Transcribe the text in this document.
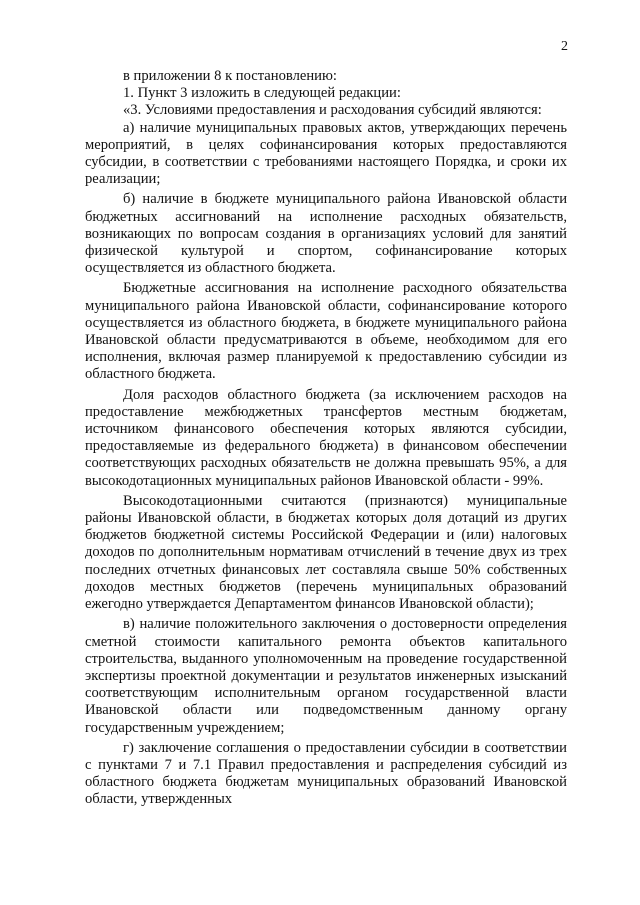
2

в приложении 8 к постановлению:

1. Пункт 3 изложить в следующей редакции:

«3. Условиями предоставления и расходования субсидий являются:

а) наличие муниципальных правовых актов, утверждающих перечень мероприятий, в целях софинансирования которых предоставляются субсидии, в соответствии с требованиями настоящего Порядка, и сроки их реализации;

б) наличие в бюджете муниципального района Ивановской области бюджетных ассигнований на исполнение расходных обязательств, возникающих по вопросам создания в организациях условий для занятий физической культурой и спортом, софинансирование которых осуществляется из областного бюджета.

Бюджетные ассигнования на исполнение расходного обязательства муниципального района Ивановской области, софинансирование которого осуществляется из областного бюджета, в бюджете муниципального района Ивановской области предусматриваются в объеме, необходимом для его исполнения, включая размер планируемой к предоставлению субсидии из областного бюджета.

Доля расходов областного бюджета (за исключением расходов на предоставление межбюджетных трансфертов местным бюджетам, источником финансового обеспечения которых являются субсидии, предоставляемые из федерального бюджета) в финансовом обеспечении соответствующих расходных обязательств не должна превышать 95%, а для высокодотационных муниципальных районов Ивановской области - 99%.

Высокодотационными считаются (признаются) муниципальные районы Ивановской области, в бюджетах которых доля дотаций из других бюджетов бюджетной системы Российской Федерации и (или) налоговых доходов по дополнительным нормативам отчислений в течение двух из трех последних отчетных финансовых лет составляла свыше 50% собственных доходов местных бюджетов (перечень муниципальных образований ежегодно утверждается Департаментом финансов Ивановской области);

в) наличие положительного заключения о достоверности определения сметной стоимости капитального ремонта объектов капитального строительства, выданного уполномоченным на проведение государственной экспертизы проектной документации и результатов инженерных изысканий соответствующим исполнительным органом государственной власти Ивановской области или подведомственным данному органу государственным учреждением;

г) заключение соглашения о предоставлении субсидии в соответствии с пунктами 7 и 7.1 Правил предоставления и распределения субсидий из областного бюджета бюджетам муниципальных образований Ивановской области, утвержденных
